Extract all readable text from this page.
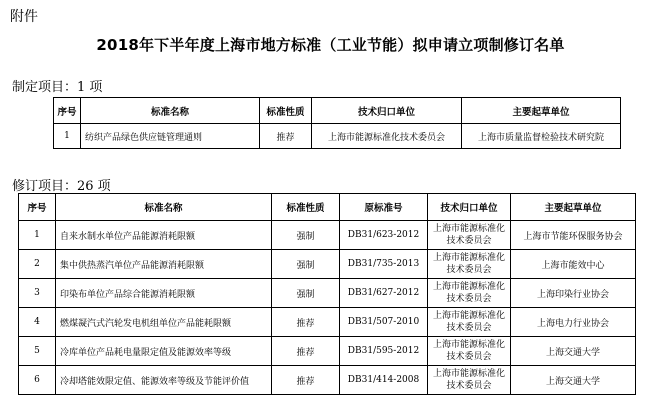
附件
2018年下半年度上海市地方标准（工业节能）拟申请立项制修订名单
制定项目：1 项
序号	标准名称	标准性质	技术归口单位	主要起草单位
1	纺织产品绿色供应链管理通则	推荐	上海市能源标准化技术委员会	上海市质量监督检验技术研究院
修订项目：26 项
序号	标准名称	标准性质	原标准号	技术归口单位	主要起草单位
1	自来水制水单位产品能源消耗限额	强制	DB31/623-2012	上海市能源标准化技术委员会	上海市节能环保服务协会
2	集中供热蒸汽单位产品能源消耗限额	强制	DB31/735-2013	上海市能源标准化技术委员会	上海市能效中心
3	印染布单位产品综合能源消耗限额	强制	DB31/627-2012	上海市能源标准化技术委员会	上海印染行业协会
4	燃煤凝汽式汽轮发电机组单位产品能耗限额	推荐	DB31/507-2010	上海市能源标准化技术委员会	上海电力行业协会
5	冷库单位产品耗电量限定值及能源效率等级	推荐	DB31/595-2012	上海市能源标准化技术委员会	上海交通大学
6	冷却塔能效限定值、能源效率等级及节能评价值	推荐	DB31/414-2008	上海市能源标准化技术委员会	上海交通大学
